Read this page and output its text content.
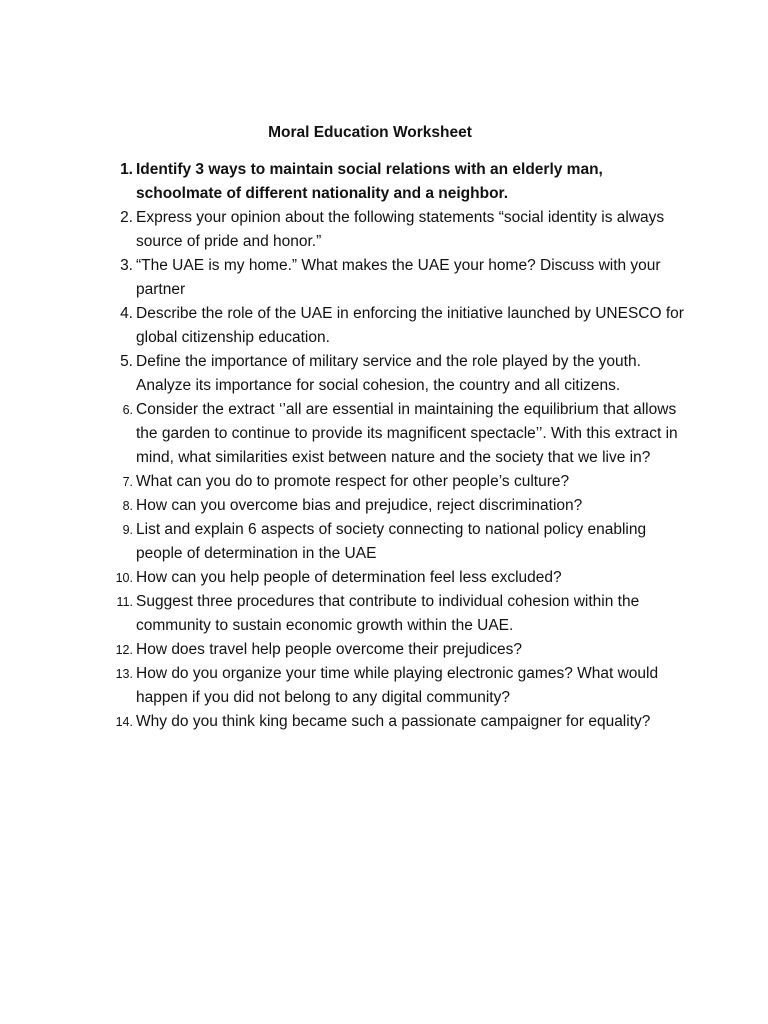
Moral Education Worksheet
1. Identify 3 ways to maintain social relations with an elderly man, schoolmate of different nationality and a neighbor.
2. Express your opinion about the following statements “social identity is always source of pride and honor.”
3. “The UAE is my home.” What makes the UAE your home? Discuss with your partner
4. Describe the role of the UAE in enforcing the initiative launched by UNESCO for global citizenship education.
5. Define the importance of military service and the role played by the youth. Analyze its importance for social cohesion, the country and all citizens.
6. Consider the extract ‘’all are essential in maintaining the equilibrium that allows the garden to continue to provide its magnificent spectacle’’. With this extract in mind, what similarities exist between nature and the society that we live in?
7. What can you do to promote respect for other people’s culture?
8. How can you overcome bias and prejudice, reject discrimination?
9. List and explain 6 aspects of society connecting to national policy enabling people of determination in the UAE
10. How can you help people of determination feel less excluded?
11. Suggest three procedures that contribute to individual cohesion within the community to sustain economic growth within the UAE.
12. How does travel help people overcome their prejudices?
13. How do you organize your time while playing electronic games? What would happen if you did not belong to any digital community?
14. Why do you think king became such a passionate campaigner for equality?
